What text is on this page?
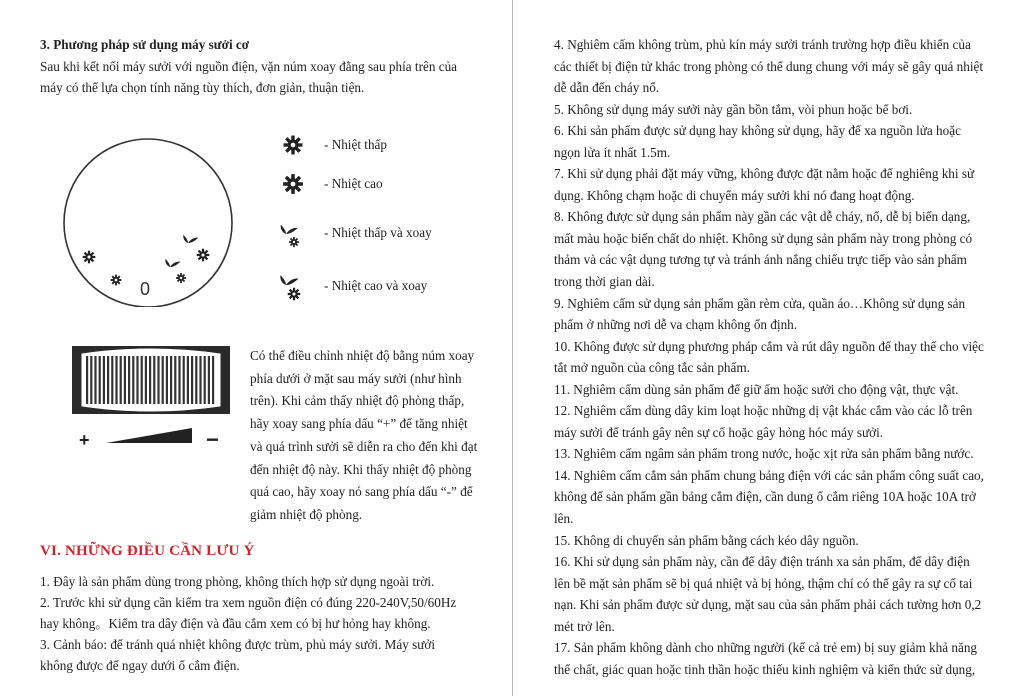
3. Phương pháp sử dụng máy sưởi cơ

Sau khi kết nối máy sưởi với nguồn điện, vặn núm xoay đằng sau phía trên của

máy có thể lựa chọn tính năng tùy thích, đơn giản, thuận tiện.

0
- Nhiệt thấp
- Nhiệt cao
- Nhiệt thấp và xoay
- Nhiệt cao và xoay
+	−

Có thể điều chỉnh nhiệt độ bằng núm xoay

phía dưới ở mặt sau máy sưởi (như hình

trên). Khi cảm thấy nhiệt độ phòng thấp,

hãy xoay sang phía dấu “+” để tăng nhiệt

và quá trình sưởi sẽ diễn ra cho đến khi đạt

đến nhiệt độ này. Khi thấy nhiệt độ phòng

quá cao, hãy xoay nó sang phía dấu “-” để

giảm nhiệt độ phòng.

VI. NHỮNG ĐIỀU CẦN LƯU Ý

1. Đây là sản phẩm dùng trong phòng, không thích hợp sử dụng ngoài trời.

2. Trước khi sử dụng cần kiểm tra xem nguồn điện có đúng 220-240V,50/60Hz

hay không。Kiểm tra dây điện và đầu cắm xem có bị hư hỏng hay không.

3. Cảnh báo: để tránh quá nhiệt không được trùm, phủ máy sưởi. Máy sưởi

không được để ngay dưới ổ cắm điện.

4. Nghiêm cấm không trùm, phủ kín máy sưởi tránh trường hợp điều khiển của

các thiết bị điện tử khác trong phòng có thể dung chung với máy sẽ gây quá nhiệt

dễ dẫn đến cháy nổ.

5. Không sử dụng máy sưởi này gần bồn tắm, vòi phun hoặc bể bơi.

6. Khi sản phẩm được sử dụng hay không sử dụng, hãy để xa nguồn lửa hoặc

ngọn lửa ít nhất 1.5m.

7. Khi sử dụng phải đặt máy vững, không được đặt nằm hoặc để nghiêng khi sử

dụng. Không chạm hoặc di chuyển máy sưởi khi nó đang hoạt động.

8. Không được sử dụng sản phẩm này gần các vật dễ cháy, nổ, dễ bị biến dạng,

mất màu hoặc biến chất do nhiệt. Không sử dụng sản phẩm này trong phòng có

thảm và các vật dụng tương tự và tránh ánh nắng chiếu trực tiếp vào sản phẩm

trong thời gian dài.

9. Nghiêm cấm sử dụng sản phẩm gần rèm cửa, quần áo…Không sử dụng sản

phẩm ở những nơi dễ va chạm không ổn định.

10. Không được sử dụng phương pháp cắm và rút dây nguồn để thay thế cho việc

tắt mở nguồn của công tắc sản phẩm.

11. Nghiêm cấm dùng sản phẩm để giữ ấm hoặc sưởi cho động vật, thực vật.

12. Nghiêm cấm dùng dây kim loạt hoặc những dị vật khác cắm vào các lỗ trên

máy sưởi để tránh gây nên sự cố hoặc gây hỏng hóc máy sưởi.

13. Nghiêm cấm ngâm sản phẩm trong nước, hoặc xịt rửa sản phẩm bằng nước.

14. Nghiêm cấm cắm sản phẩm chung bảng điện với các sản phẩm công suất cao,

không để sản phẩm gần bảng cắm điện, cần dung ổ cắm riêng 10A hoặc 10A trở

lên.

15. Không di chuyển sản phẩm bằng cách kéo dây nguồn.

16. Khi sử dụng sản phẩm này, cần để dây điện tránh xa sản phẩm, để dây điện

lên bề mặt sản phẩm sẽ bị quá nhiệt và bị hỏng, thậm chí có thể gây ra sự cố tai

nạn. Khi sản phẩm được sử dụng, mặt sau của sản phẩm phải cách tường hơn 0,2

mét trở lên.

17. Sản phẩm không dành cho những người (kể cả trẻ em) bị suy giảm khả năng

thể chất, giác quan hoặc tinh thần hoặc thiếu kinh nghiệm và kiến thức sử dụng,
